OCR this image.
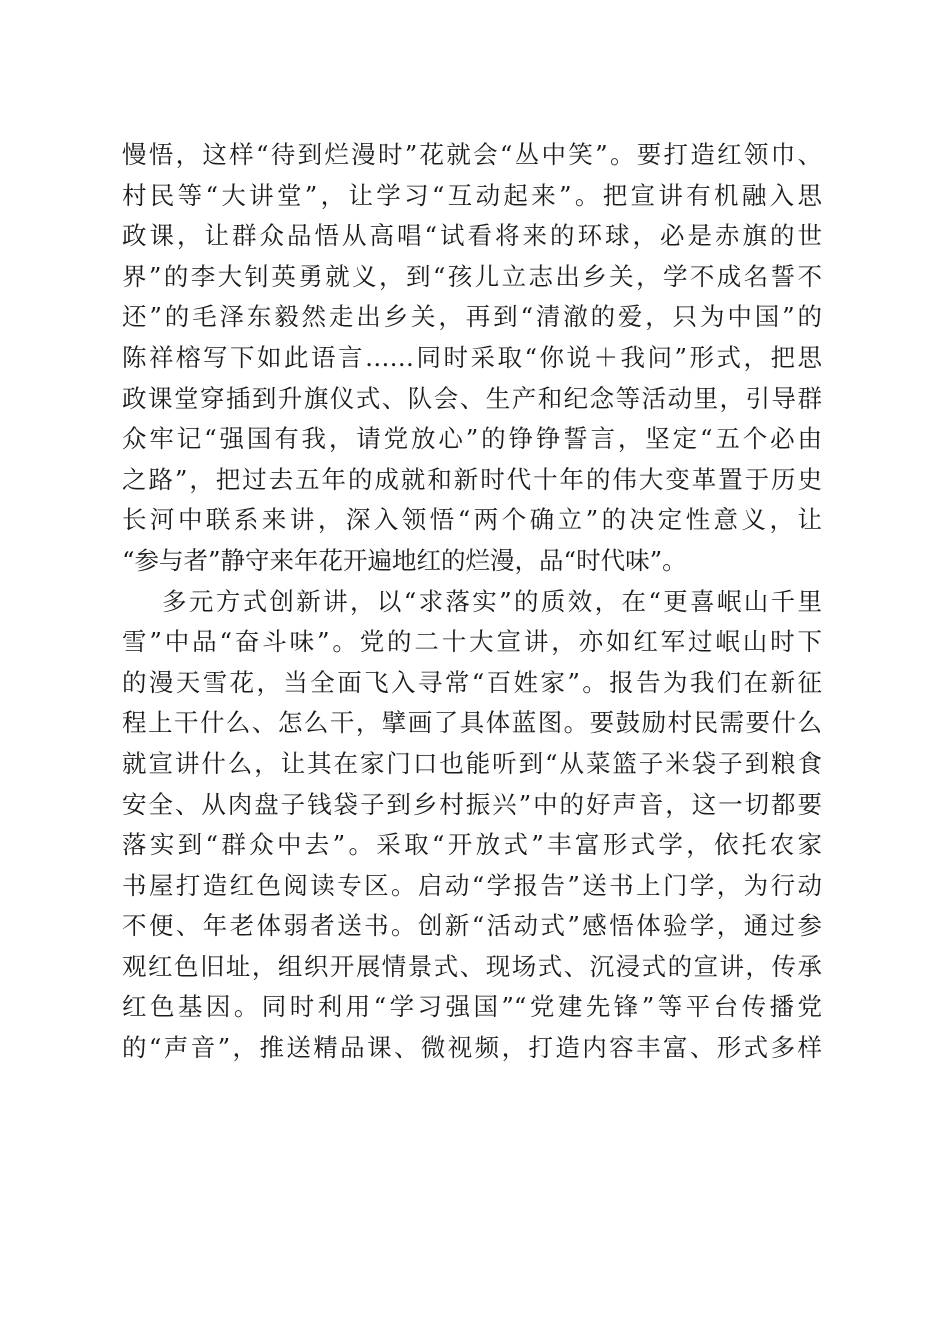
慢悟，这样“待到烂漫时”花就会“丛中笑”。要打造红领巾、
村民等“大讲堂”，让学习“互动起来”。把宣讲有机融入思
政课，让群众品悟从高唱“试看将来的环球，必是赤旗的世
界”的李大钊英勇就义，到“孩儿立志出乡关，学不成名誓不
还”的毛泽东毅然走出乡关，再到“清澈的爱，只为中国”的
陈祥榕写下如此语言……同时采取“你说＋我问”形式，把思
政课堂穿插到升旗仪式、队会、生产和纪念等活动里，引导群
众牢记“强国有我，请党放心”的铮铮誓言，坚定“五个必由
之路”，把过去五年的成就和新时代十年的伟大变革置于历史
长河中联系来讲，深入领悟“两个确立”的决定性意义，让
“参与者”静守来年花开遍地红的烂漫，品“时代味”。
多元方式创新讲，以“求落实”的质效，在“更喜岷山千里
雪”中品“奋斗味”。党的二十大宣讲，亦如红军过岷山时下
的漫天雪花，当全面飞入寻常“百姓家”。报告为我们在新征
程上干什么、怎么干，擘画了具体蓝图。要鼓励村民需要什么
就宣讲什么，让其在家门口也能听到“从菜篮子米袋子到粮食
安全、从肉盘子钱袋子到乡村振兴”中的好声音，这一切都要
落实到“群众中去”。采取“开放式”丰富形式学，依托农家
书屋打造红色阅读专区。启动“学报告”送书上门学，为行动
不便、年老体弱者送书。创新“活动式”感悟体验学，通过参
观红色旧址，组织开展情景式、现场式、沉浸式的宣讲，传承
红色基因。同时利用“学习强国”“党建先锋”等平台传播党
的“声音”，推送精品课、微视频，打造内容丰富、形式多样
